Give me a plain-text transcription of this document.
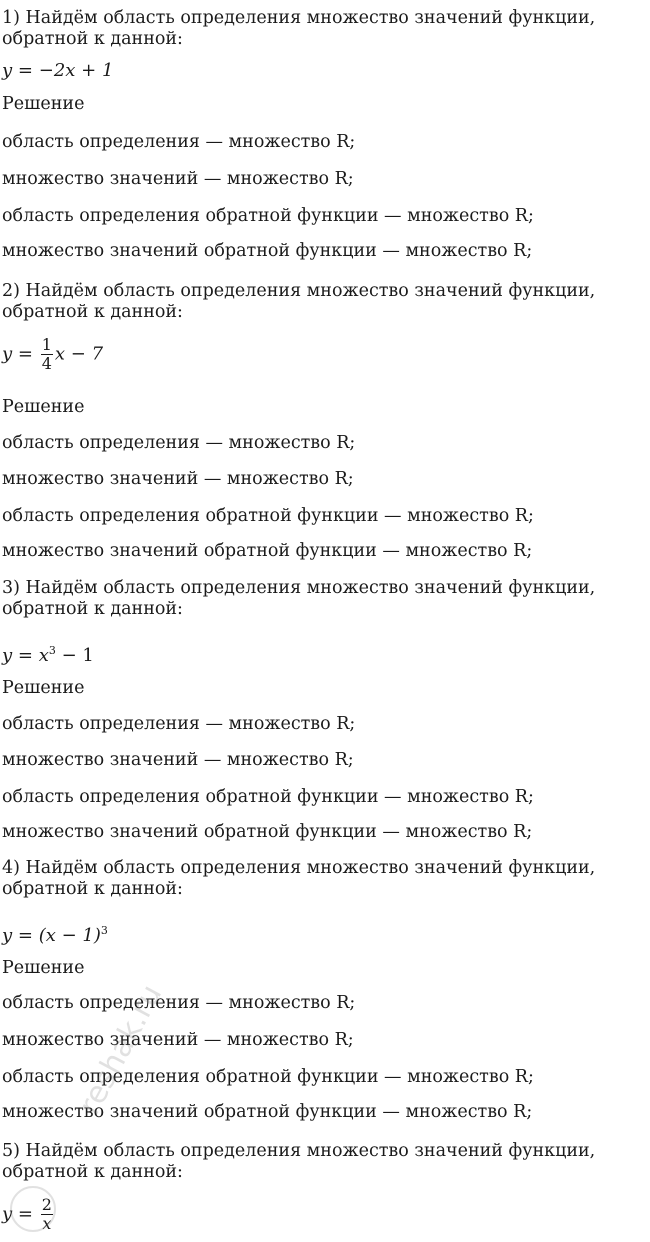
1) Найдём область определения множество значений функции, обратной к данной:
y = −2x + 1
Решение
область определения — множество R;
множество значений — множество R;
область определения обратной функции — множество R;
множество значений обратной функции — множество R;
2) Найдём область определения множество значений функции, обратной к данной:
$y = \frac{1}{4}$ x − 7
Решение
область определения — множество R;
множество значений — множество R;
область определения обратной функции — множество R;
множество значений обратной функции — множество R;
3) Найдём область определения множество значений функции, обратной к данной:
$y = x^3 - 1$
Решение
область определения — множество R;
множество значений — множество R;
область определения обратной функции — множество R;
множество значений обратной функции — множество R;
4) Найдём область определения множество значений функции, обратной к данной:
$y = (x - 1)^3$
Решение
область определения — множество R;
множество значений — множество R;
область определения обратной функции — множество R;
множество значений обратной функции — множество R;
5) Найдём область определения множество значений функции, обратной к данной:
$y = \frac{2}{x}$
reshak.ru
